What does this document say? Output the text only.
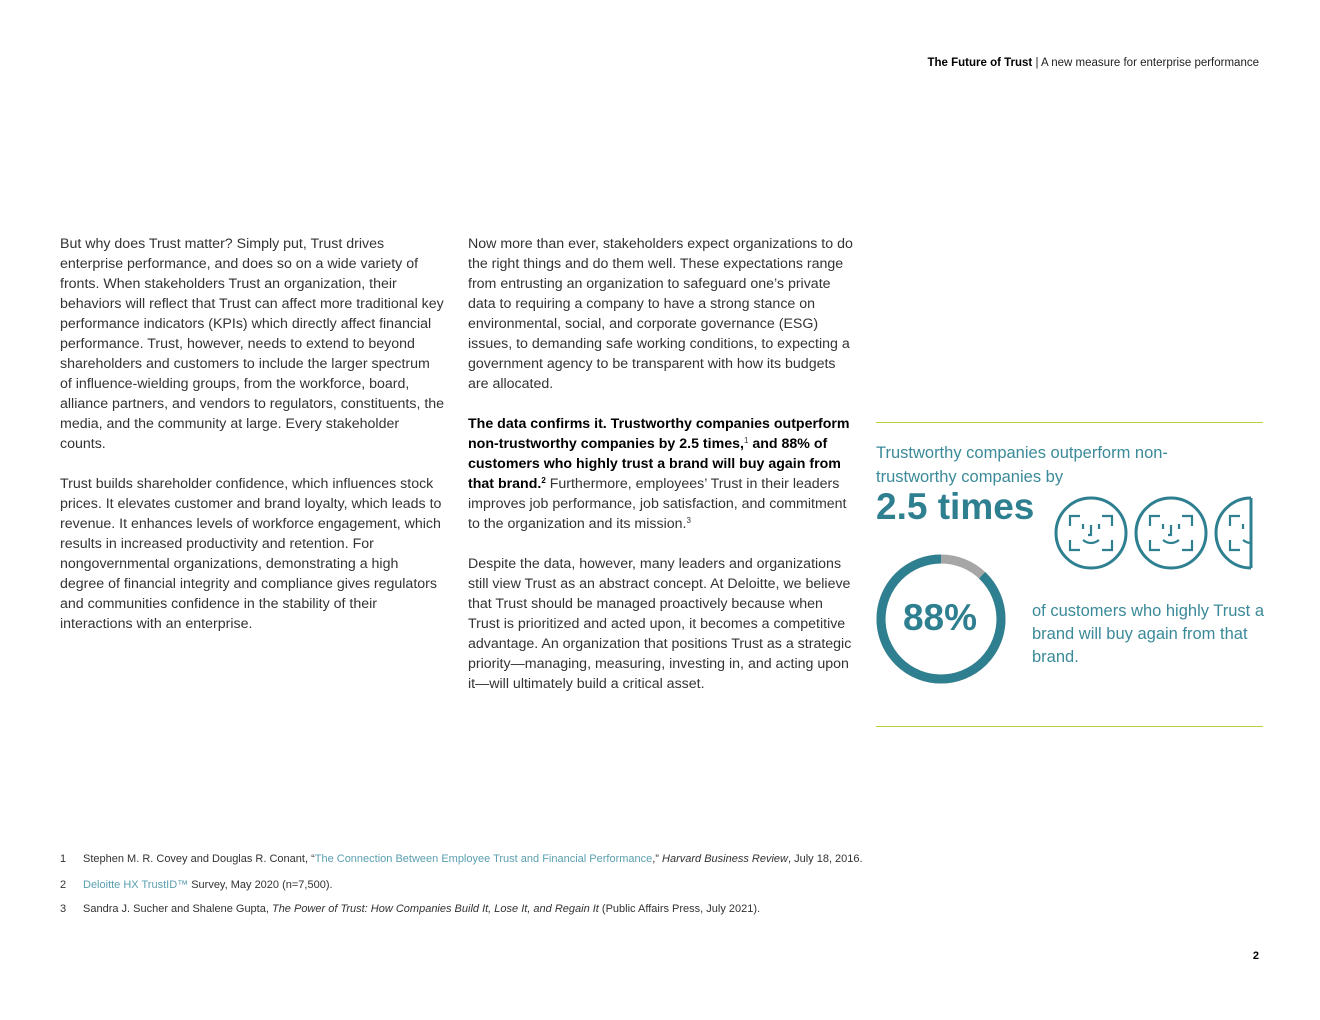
The Future of Trust | A new measure for enterprise performance

But why does Trust matter? Simply put, Trust drives enterprise performance, and does so on a wide variety of fronts. When stakeholders Trust an organization, their behaviors will reflect that Trust can affect more traditional key performance indicators (KPIs) which directly affect financial performance. Trust, however, needs to extend to beyond shareholders and customers to include the larger spectrum of influence-wielding groups, from the workforce, board, alliance partners, and vendors to regulators, constituents, the media, and the community at large. Every stakeholder counts.

Trust builds shareholder confidence, which influences stock prices. It elevates customer and brand loyalty, which leads to revenue. It enhances levels of workforce engagement, which results in increased productivity and retention. For nongovernmental organizations, demonstrating a high degree of financial integrity and compliance gives regulators and communities confidence in the stability of their interactions with an enterprise.

Now more than ever, stakeholders expect organizations to do the right things and do them well. These expectations range from entrusting an organization to safeguard one’s private data to requiring a company to have a strong stance on environmental, social, and corporate governance (ESG) issues, to demanding safe working conditions, to expecting a government agency to be transparent with how its budgets are allocated.

The data confirms it. Trustworthy companies outperform non-trustworthy companies by 2.5 times,$^1$ and 88% of customers who highly trust a brand will buy again from that brand.$^2$ Furthermore, employees’ Trust in their leaders improves job performance, job satisfaction, and commitment to the organization and its mission.$^3$

Despite the data, however, many leaders and organizations still view Trust as an abstract concept. At Deloitte, we believe that Trust should be managed proactively because when Trust is prioritized and acted upon, it becomes a competitive advantage. An organization that positions Trust as a strategic priority—managing, measuring, investing in, and acting upon it—will ultimately build a critical asset.

Trustworthy companies outperform non-trustworthy companies by
2.5 times
88%	of customers who highly Trust a brand will buy again from that brand.
1 Stephen M. R. Covey and Douglas R. Conant, “The Connection Between Employee Trust and Financial Performance,” Harvard Business Review, July 18, 2016.
2 Deloitte HX TrustID™ Survey, May 2020 (n=7,500).
3 Sandra J. Sucher and Shalene Gupta, The Power of Trust: How Companies Build It, Lose It, and Regain It (Public Affairs Press, July 2021).
2
